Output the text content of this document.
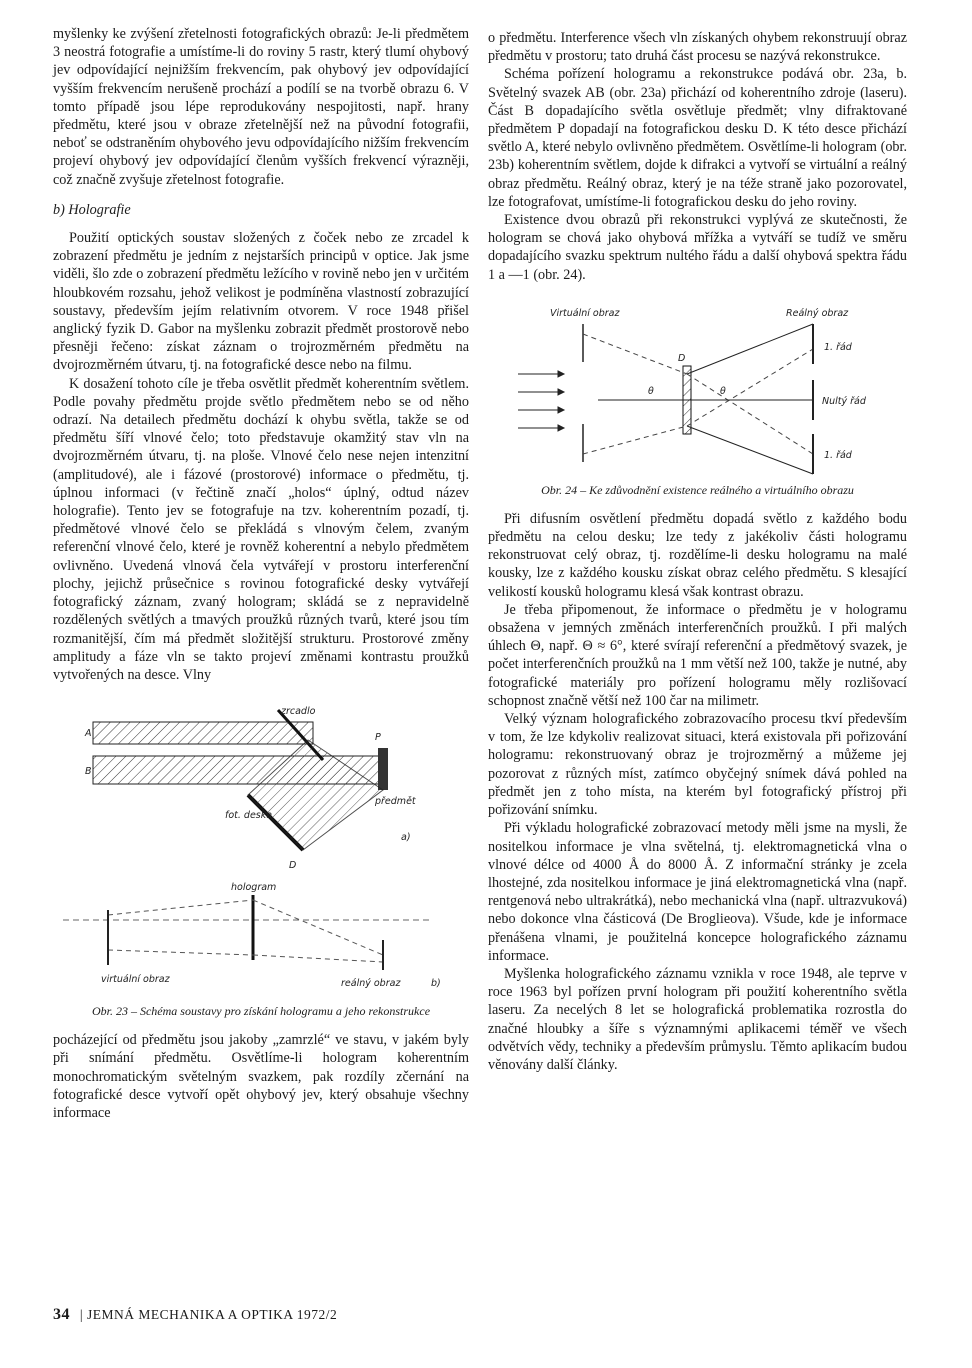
myšlenky ke zvýšení zřetelnosti fotografických obrazů: Je-li předmětem 3 neostrá fotografie a umístíme-li do roviny 5 rastr, který tlumí ohybový jev odpovídající nejnižším frekvencím, pak ohybový jev odpovídající vyšším frekvencím nerušeně prochází a podílí se na tvorbě obrazu 6. V tomto případě jsou lépe reprodukovány nespojitosti, např. hrany předmětu, které jsou v obraze zřetelnější než na původní fotografii, neboť se odstraněním ohybového jevu odpovídajícího nižším frekvencím projeví ohybový jev odpovídající členům vyšších frekvencí výrazněji, což značně zvyšuje zřetelnost fotografie.

b) Holografie

Použití optických soustav složených z čoček nebo ze zrcadel k zobrazení předmětu je jedním z nejstarších principů v optice. Jak jsme viděli, šlo zde o zobrazení předmětu ležícího v rovině nebo jen v určitém hloubkovém rozsahu, jehož velikost je podmíněna vlastností zobrazující soustavy, především jejím relativním otvorem. V roce 1948 přišel anglický fyzik D. Gabor na myšlenku zobrazit předmět prostorově nebo přesněji řečeno: získat záznam o trojrozměrném předmětu na dvojrozměrném útvaru, tj. na fotografické desce nebo na filmu.

K dosažení tohoto cíle je třeba osvětlit předmět koherentním světlem. Podle povahy předmětu projde světlo předmětem nebo se od něho odrazí. Na detailech předmětu dochází k ohybu světla, takže se od předmětu šíří vlnové čelo; toto představuje okamžitý stav vln na dvojrozměrném útvaru, tj. na ploše. Vlnové čelo nese nejen intenzitní (amplitudové), ale i fázové (prostorové) informace o předmětu, tj. úplnou informaci (v řečtině značí „holos“ úplný, odtud název holografie). Tento jev se fotografuje na tzv. koherentním pozadí, tj. předmětové vlnové čelo se překládá s vlnovým čelem, zvaným referenční vlnové čelo, které je rovněž koherentní a nebylo předmětem ovlivněno. Uvedená vlnová čela vytvářejí v prostoru interferenční plochy, jejichž průsečnice s rovinou fotografické desky vytvářejí fotografický záznam, zvaný hologram; skládá se z nepravidelně rozdělených světlých a tmavých proužků různých tvarů, které jsou tím rozmanitější, čím má předmět složitější strukturu. Prostorové změny amplitudy a fáze vln se takto projeví změnami kontrastu proužků vytvořených na desce. Vlny

A
B
zrcadlo
P
předmět
fot. deska
D
a)
hologram
virtuální obraz	reálný obraz	b)
Obr. 23 – Schéma soustavy pro získání hologramu a jeho rekonstrukce

pocházející od předmětu jsou jakoby „zamrzlé“ ve stavu, v jakém byly při snímání předmětu. Osvětlíme-li hologram koherentním monochromatickým světelným svazkem, pak rozdíly zčernání na fotografické desce vytvoří opět ohybový jev, který obsahuje všechny informace

o předmětu. Interference všech vln získaných ohybem rekonstruují obraz předmětu v prostoru; tato druhá část procesu se nazývá rekonstrukce.

Schéma pořízení hologramu a rekonstrukce podává obr. 23a, b. Světelný svazek AB (obr. 23a) přichází od koherentního zdroje (laseru). Část B dopadajícího světla osvětluje předmět; vlny difraktované předmětem P dopadají na fotografickou desku D. K této desce přichází světlo A, které nebylo ovlivněno předmětem. Osvětlíme-li hologram (obr. 23b) koherentním světlem, dojde k difrakci a vytvoří se virtuální a reálný obraz předmětu. Reálný obraz, který je na téže straně jako pozorovatel, lze fotografovat, umístíme-li fotografickou desku do jeho roviny.

Existence dvou obrazů při rekonstrukci vyplývá ze skutečnosti, že hologram se chová jako ohybová mřížka a vytváří se tudíž ve směru dopadajícího svazku spektrum nultého řádu a další ohybová spektra řádu 1 a —1 (obr. 24).

Virtuální obraz	Reálný obraz
D
θ	θ
1. řád
Nultý řád
1. řád
Obr. 24 – Ke zdůvodnění existence reálného a virtuálního obrazu

Při difusním osvětlení předmětu dopadá světlo z každého bodu předmětu na celou desku; lze tedy z jakékoliv části hologramu rekonstruovat celý obraz, tj. rozdělíme-li desku hologramu na malé kousky, lze z každého kousku získat obraz celého předmětu. S klesající velikostí kousků hologramu klesá však kontrast obrazu.

Je třeba připomenout, že informace o předmětu je v hologramu obsažena v jemných změnách interferenčních proužků. I při malých úhlech Θ, např. Θ ≈ 6°, které svírají referenční a předmětový svazek, je počet interferenčních proužků na 1 mm větší než 100, takže je nutné, aby fotografické materiály pro pořízení hologramu měly rozlišovací schopnost značně větší než 100 čar na milimetr.

Velký význam holografického zobrazovacího procesu tkví především v tom, že lze kdykoliv realizovat situaci, která existovala při pořizování hologramu: rekonstruovaný obraz je trojrozměrný a můžeme jej pozorovat z různých míst, zatímco obyčejný snímek dává pohled na předmět jen z toho místa, na kterém byl fotografický přístroj při pořizování snímku.

Při výkladu holografické zobrazovací metody měli jsme na mysli, že nositelkou informace je vlna světelná, tj. elektromagnetická vlna o vlnové délce od 4000 Å do 8000 Å. Z informační stránky je zcela lhostejné, zda nositelkou informace je jiná elektromagnetická vlna (např. rentgenová nebo ultrakrátká), nebo mechanická vlna (např. ultrazvuková) nebo dokonce vlna částicová (De Broglieova). Všude, kde je informace přenášena vlnami, je použitelná koncepce holografického záznamu informace.

Myšlenka holografického záznamu vznikla v roce 1948, ale teprve v roce 1963 byl pořízen první hologram při použití koherentního světla laseru. Za necelých 8 let se holografická problematika rozrostla do značné hloubky a šíře s významnými aplikacemi téměř ve všech odvětvích vědy, techniky a především průmyslu. Těmto aplikacím budou věnovány další články.

34 | JEMNÁ MECHANIKA A OPTIKA 1972/2
